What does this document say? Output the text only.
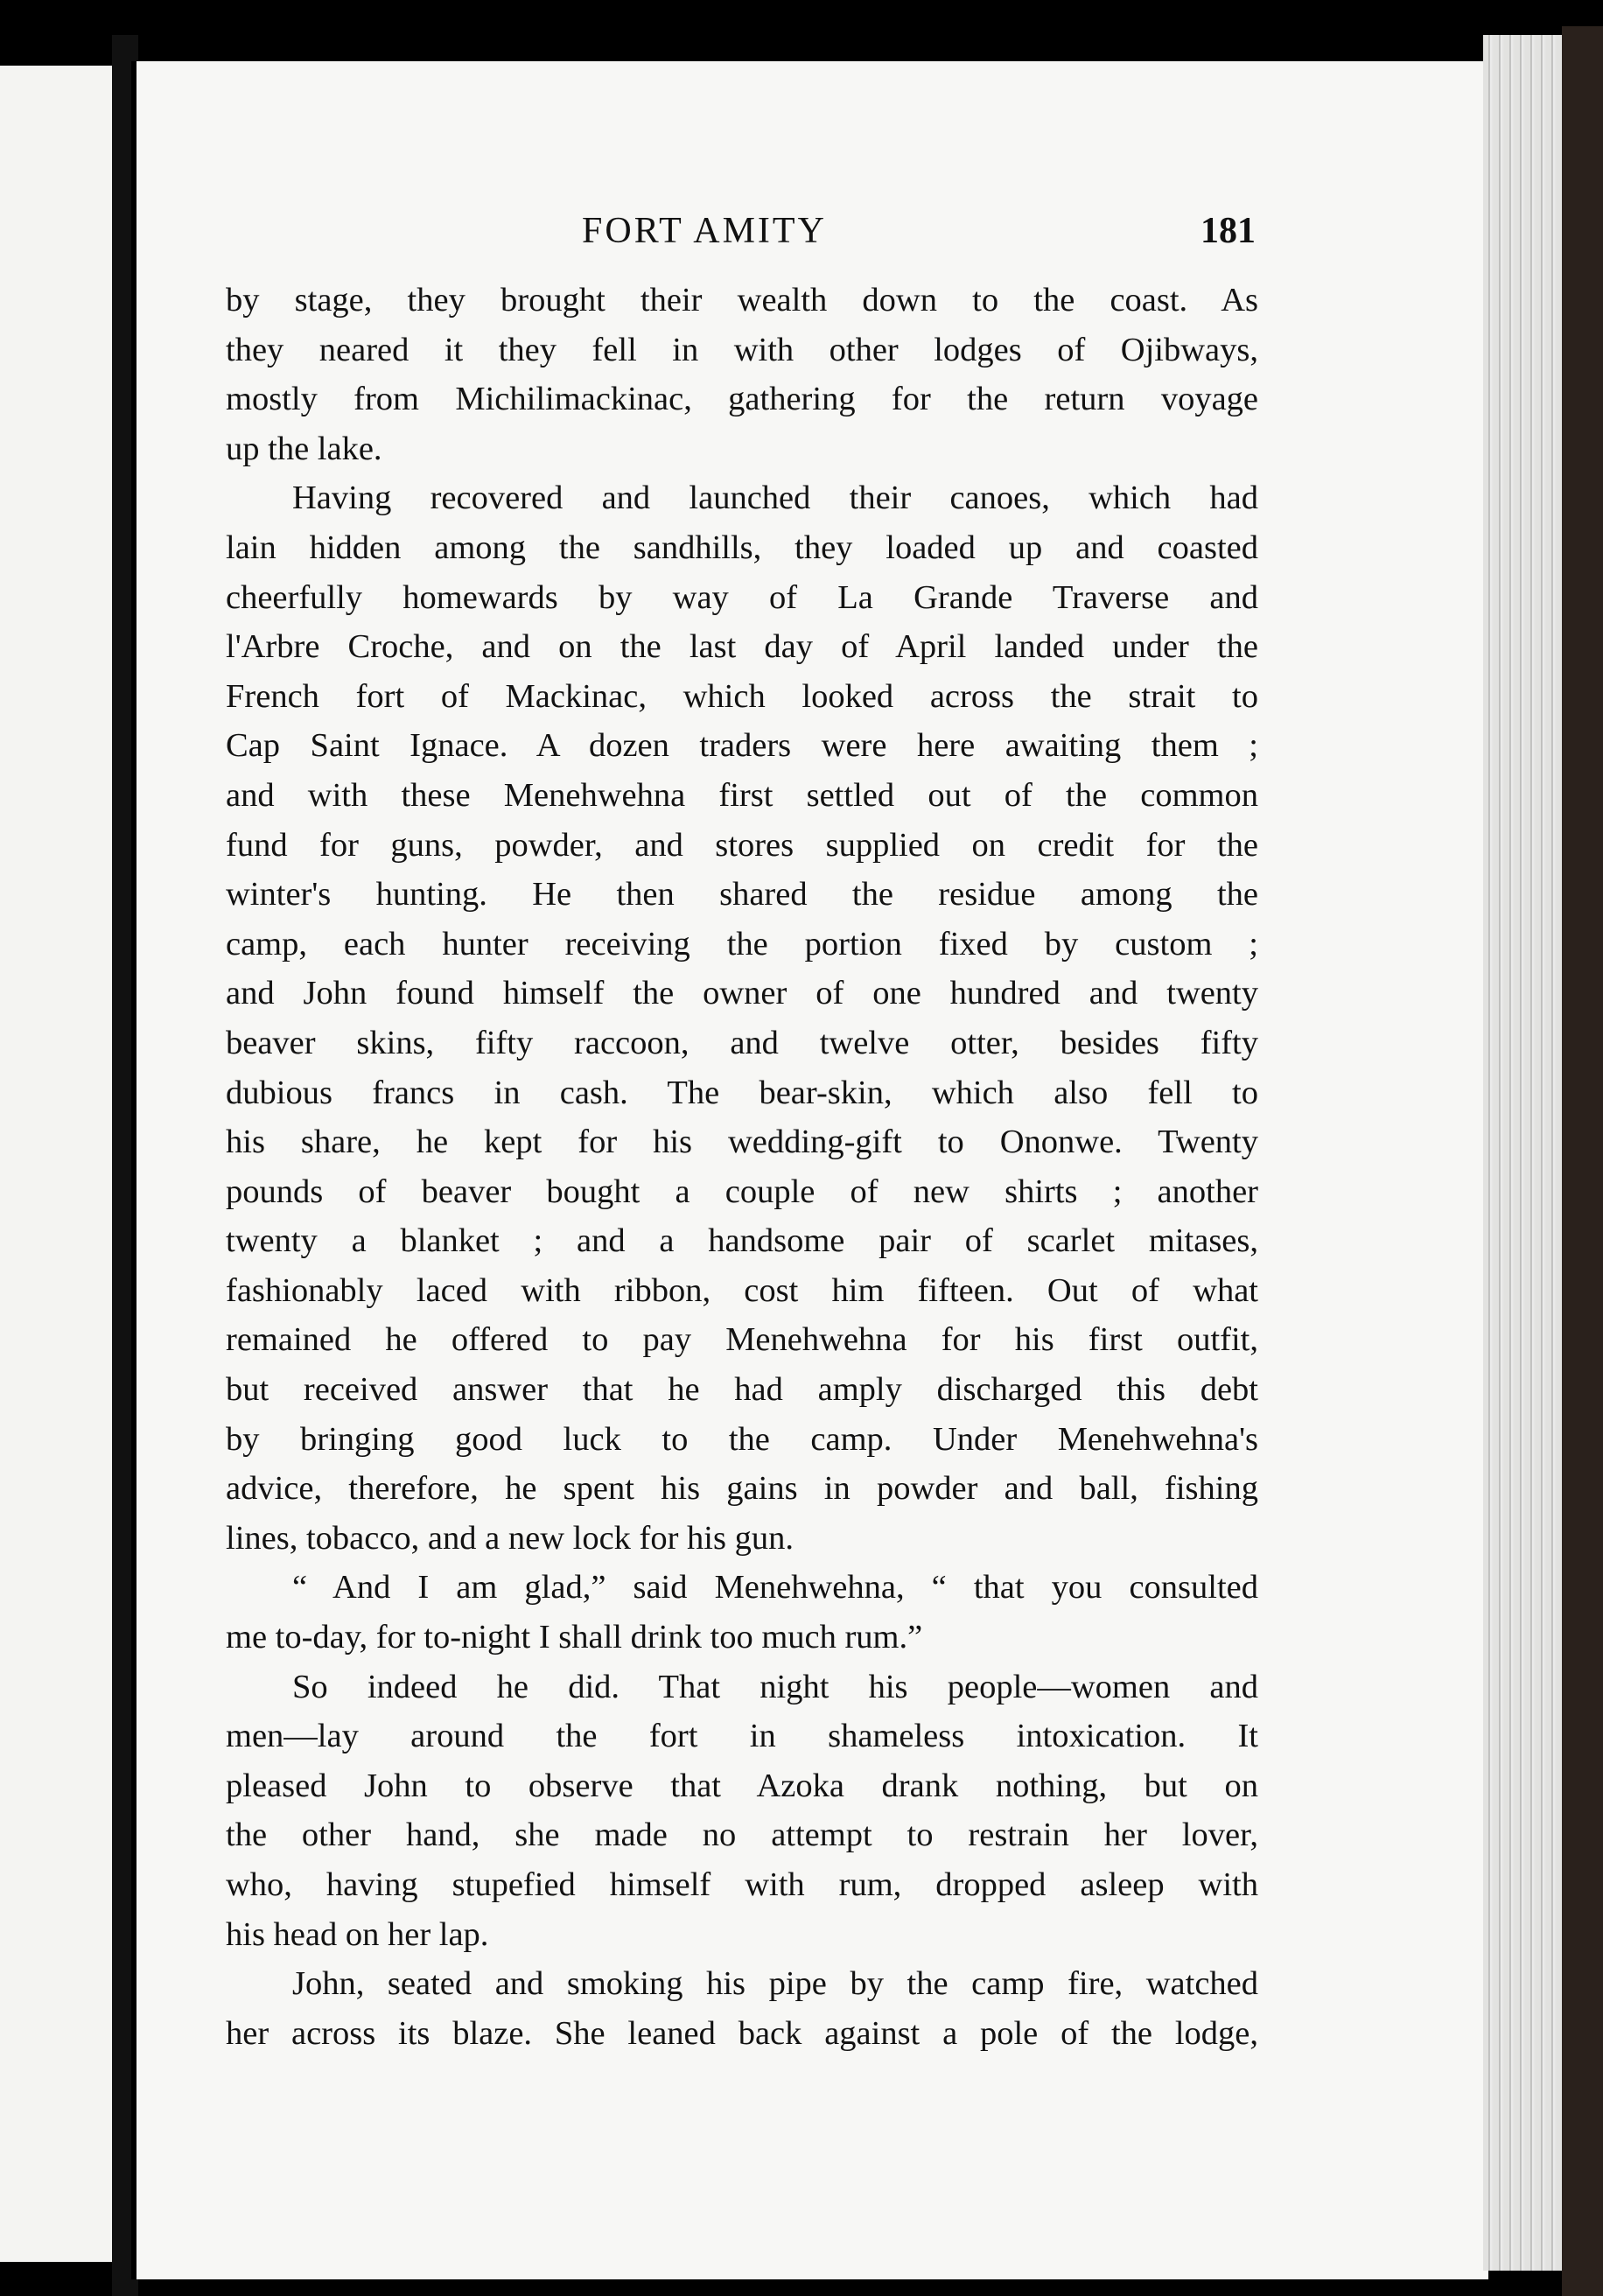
FORT AMITY	181
by stage, they brought their wealth down to the coast. As
they neared it they fell in with other lodges of Ojibways,
mostly from Michilimackinac, gathering for the return voyage
up the lake.
Having recovered and launched their canoes, which had
lain hidden among the sandhills, they loaded up and coasted
cheerfully homewards by way of La Grande Traverse and
l'Arbre Croche, and on the last day of April landed under the
French fort of Mackinac, which looked across the strait to
Cap Saint Ignace. A dozen traders were here awaiting them ;
and with these Menehwehna first settled out of the common
fund for guns, powder, and stores supplied on credit for the
winter's hunting. He then shared the residue among the
camp, each hunter receiving the portion fixed by custom ;
and John found himself the owner of one hundred and twenty
beaver skins, fifty raccoon, and twelve otter, besides fifty
dubious francs in cash. The bear-skin, which also fell to
his share, he kept for his wedding-gift to Ononwe. Twenty
pounds of beaver bought a couple of new shirts ; another
twenty a blanket ; and a handsome pair of scarlet mitases,
fashionably laced with ribbon, cost him fifteen. Out of what
remained he offered to pay Menehwehna for his first outfit,
but received answer that he had amply discharged this debt
by bringing good luck to the camp. Under Menehwehna's
advice, therefore, he spent his gains in powder and ball, fishing
lines, tobacco, and a new lock for his gun.
“ And I am glad,” said Menehwehna, “ that you consulted
me to-day, for to-night I shall drink too much rum.”
So indeed he did. That night his people—women and
men—lay around the fort in shameless intoxication. It
pleased John to observe that Azoka drank nothing, but on
the other hand, she made no attempt to restrain her lover,
who, having stupefied himself with rum, dropped asleep with
his head on her lap.
John, seated and smoking his pipe by the camp fire, watched
her across its blaze. She leaned back against a pole of the lodge,
